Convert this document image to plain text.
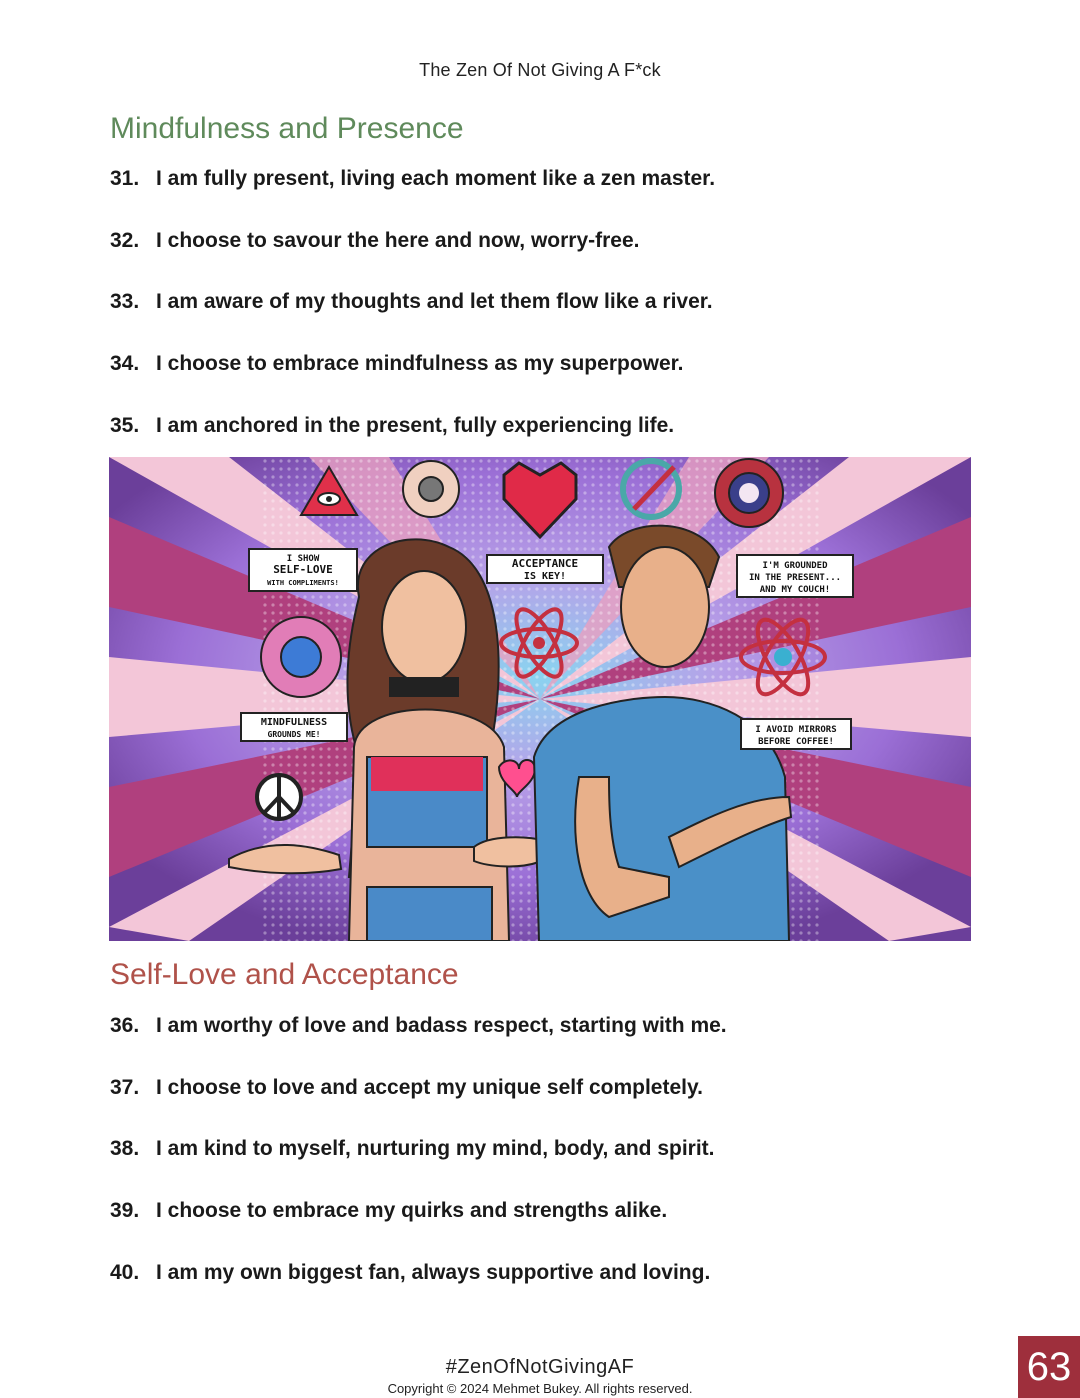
The Zen Of Not Giving A F*ck
Mindfulness and Presence
31. I am fully present, living each moment like a zen master.
32. I choose to savour the here and now, worry-free.
33. I am aware of my thoughts and let them flow like a river.
34. I choose to embrace mindfulness as my superpower.
35. I am anchored in the present, fully experiencing life.
I SHOW
SELF-LOVE
WITH COMPLIMENTS!
ACCEPTANCE
IS KEY!
I'M GROUNDED
IN THE PRESENT...
AND MY COUCH!
MINDFULNESS
GROUNDS ME!	I AVOID MIRRORS
BEFORE COFFEE!
Self-Love and Acceptance
36. I am worthy of love and badass respect, starting with me.
37. I choose to love and accept my unique self completely.
38. I am kind to myself, nurturing my mind, body, and spirit.
39. I choose to embrace my quirks and strengths alike.
40. I am my own biggest fan, always supportive and loving.
#ZenOfNotGivingAF
Copyright © 2024 Mehmet Bukey. All rights reserved.	63
